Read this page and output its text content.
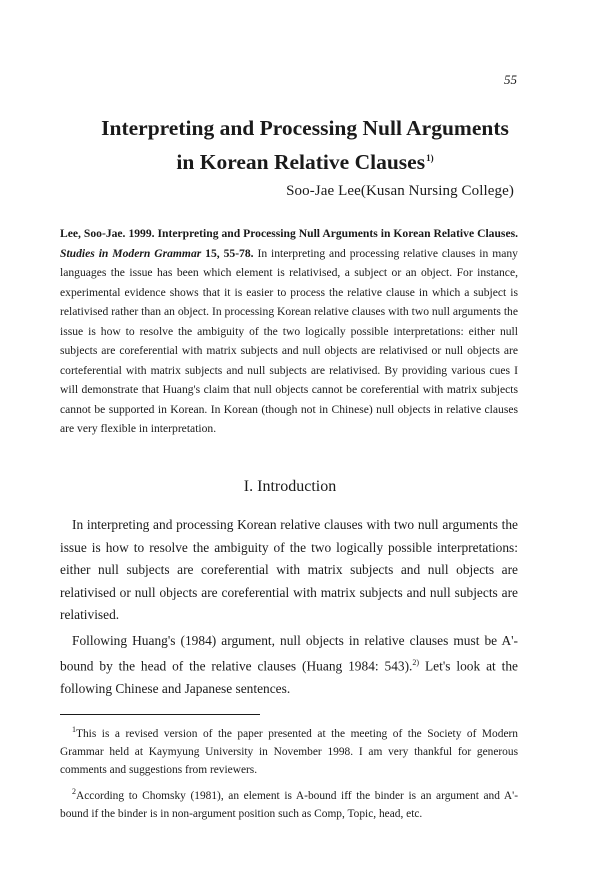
55
Interpreting and Processing Null Arguments
in Korean Relative Clauses$^{1)}$
Soo-Jae Lee(Kusan Nursing College)
Lee, Soo-Jae. 1999. Interpreting and Processing Null Arguments in Korean Relative Clauses. Studies in Modern Grammar 15, 55-78. In interpreting and processing relative clauses in many languages the issue has been which element is relativised, a subject or an object. For instance, experimental evidence shows that it is easier to process the relative clause in which a subject is relativised rather than an object. In processing Korean relative clauses with two null arguments the issue is how to resolve the ambiguity of the two logically possible interpretations: either null subjects are coreferential with matrix subjects and null objects are relativised or null objects are corteferential with matrix subjects and null subjects are relativised. By providing various cues I will demonstrate that Huang's claim that null objects cannot be coreferential with matrix subjects cannot be supported in Korean. In Korean (though not in Chinese) null objects in relative clauses are very flexible in interpretation.
I. Introduction

In interpreting and processing Korean relative clauses with two null arguments the issue is how to resolve the ambiguity of the two logically possible interpretations: either null subjects are coreferential with matrix subjects and null objects are relativised or null objects are coreferential with matrix subjects and null subjects are relativised.

Following Huang's (1984) argument, null objects in relative clauses must be A'-bound by the head of the relative clauses (Huang 1984: 543).$^{2)}$ Let's look at the following Chinese and Japanese sentences.

$^1$This is a revised version of the paper presented at the meeting of the Society of Modern Grammar held at Kaymyung University in November 1998. I am very thankful for generous comments and suggestions from reviewers.

$^2$According to Chomsky (1981), an element is A-bound iff the binder is an argument and A'-bound if the binder is in non-argument position such as Comp, Topic, head, etc.
